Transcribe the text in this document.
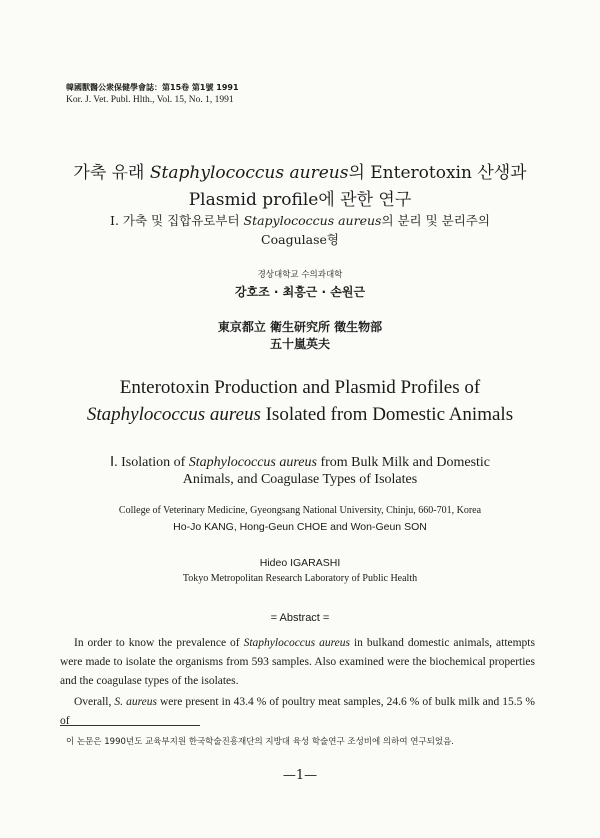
韓國獸醫公衆保健學會誌：第15卷 第1號 1991
Kor. J. Vet. Publ. Hlth., Vol. 15, No. 1, 1991
가축 유래 Staphylococcus aureus의 Enterotoxin 산생과
Plasmid profile에 관한 연구
Ⅰ. 가축 및 집합유로부터 Stapylococcus aureus의 분리 및 분리주의
Coagulase형
경상대학교 수의과대학
강호조 · 최흥근 · 손원근
東京都立 衛生研究所 徵生物部
五十嵐英夫
Enterotoxin Production and Plasmid Profiles of
Staphylococcus aureus Isolated from Domestic Animals
Ⅰ. Isolation of Staphylococcus aureus from Bulk Milk and Domestic
Animals, and Coagulase Types of Isolates
College of Veterinary Medicine, Gyeongsang National University, Chinju, 660-701, Korea
Ho-Jo KANG, Hong-Geun CHOE and Won-Geun SON
Hideo IGARASHI
Tokyo Metropolitan Research Laboratory of Public Health
= Abstract =
In order to know the prevalence of Staphylococcus aureus in bulkand domestic animals, attempts were made to isolate the organisms from 593 samples. Also examined were the biochemical properties and the coagulase types of the isolates.
Overall, S. aureus were present in 43.4 % of poultry meat samples, 24.6 % of bulk milk and 15.5 % of
이 논문은 1990년도 교육부지원 한국학술진흥재단의 지방대 육성 학술연구 조성비에 의하여 연구되었음.
—1—
